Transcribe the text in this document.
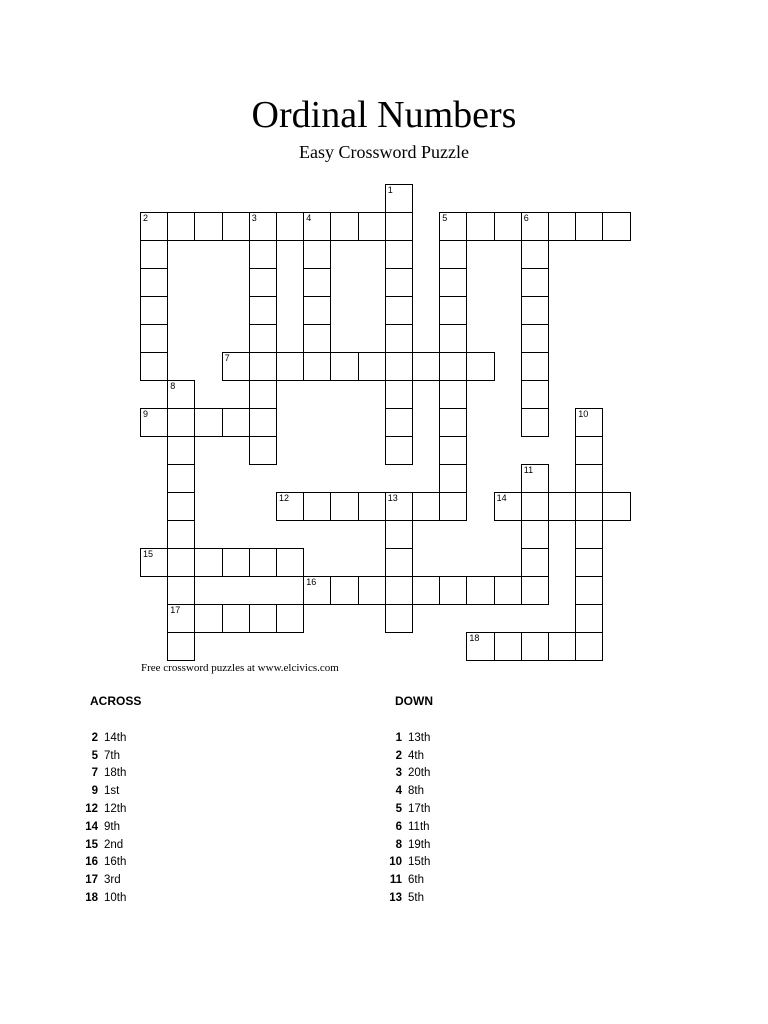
Ordinal Numbers
Easy Crossword Puzzle
2	3	4	5	6
7
9
12	13	14
15
16
17
18
1
8
10
11
Free crossword puzzles at www.elcivics.com
ACROSS	DOWN
2 14th
5 7th
7 18th
9 1st
12 12th
14 9th
15 2nd
16 16th
17 3rd
18 10th
1 13th
2 4th
3 20th
4 8th
5 17th
6 11th
8 19th
10 15th
11 6th
13 5th
